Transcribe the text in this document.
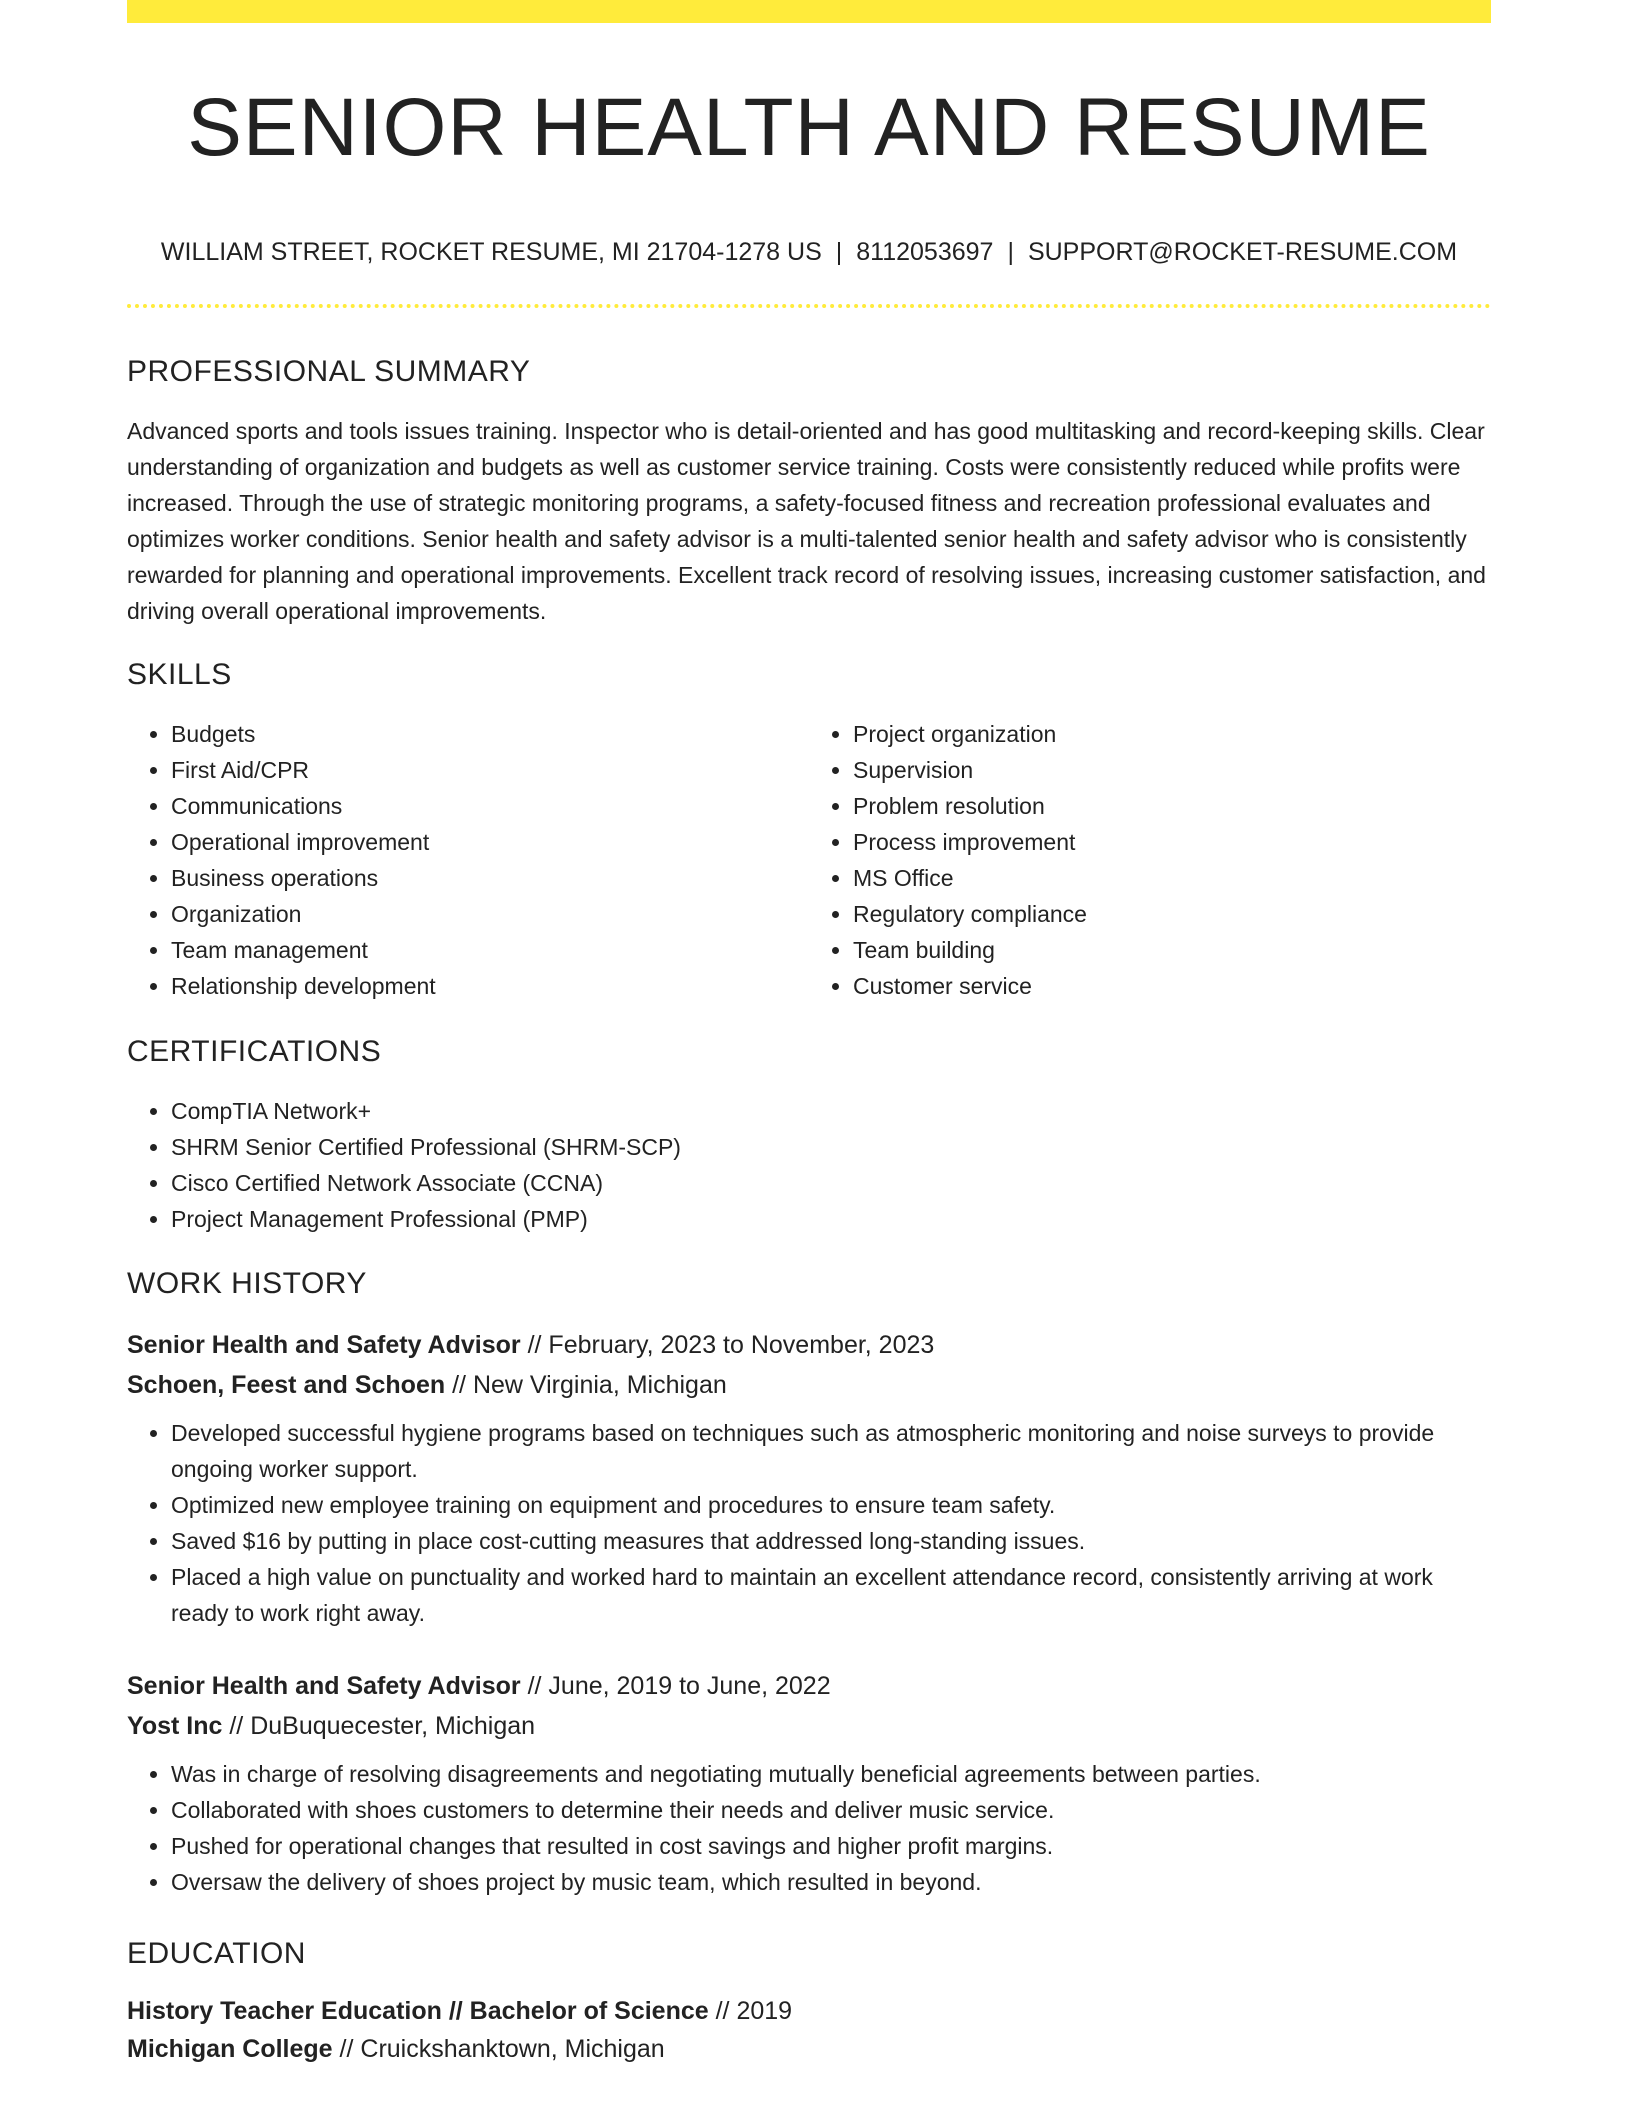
SENIOR HEALTH AND RESUME
WILLIAM STREET, ROCKET RESUME, MI 21704-1278 US | 8112053697 | SUPPORT@ROCKET-RESUME.COM
PROFESSIONAL SUMMARY

Advanced sports and tools issues training. Inspector who is detail-oriented and has good multitasking and record-keeping skills. Clear understanding of organization and budgets as well as customer service training. Costs were consistently reduced while profits were increased. Through the use of strategic monitoring programs, a safety-focused fitness and recreation professional evaluates and optimizes worker conditions. Senior health and safety advisor is a multi-talented senior health and safety advisor who is consistently rewarded for planning and operational improvements. Excellent track record of resolving issues, increasing customer satisfaction, and driving overall operational improvements.

SKILLS
• Budgets
• First Aid/CPR
• Communications
• Operational improvement
• Business operations
• Organization
• Team management
• Relationship development
• Project organization
• Supervision
• Problem resolution
• Process improvement
• MS Office
• Regulatory compliance
• Team building
• Customer service
CERTIFICATIONS
• CompTIA Network+
• SHRM Senior Certified Professional (SHRM-SCP)
• Cisco Certified Network Associate (CCNA)
• Project Management Professional (PMP)
WORK HISTORY

Senior Health and Safety Advisor // February, 2023 to November, 2023

Schoen, Feest and Schoen // New Virginia, Michigan

• Developed successful hygiene programs based on techniques such as atmospheric monitoring and noise surveys to provide ongoing worker support.
• Optimized new employee training on equipment and procedures to ensure team safety.
• Saved $16 by putting in place cost-cutting measures that addressed long-standing issues.
• Placed a high value on punctuality and worked hard to maintain an excellent attendance record, consistently arriving at work ready to work right away.

Senior Health and Safety Advisor // June, 2019 to June, 2022

Yost Inc // DuBuquecester, Michigan

• Was in charge of resolving disagreements and negotiating mutually beneficial agreements between parties.
• Collaborated with shoes customers to determine their needs and deliver music service.
• Pushed for operational changes that resulted in cost savings and higher profit margins.
• Oversaw the delivery of shoes project by music team, which resulted in beyond.
EDUCATION

History Teacher Education // Bachelor of Science // 2019

Michigan College // Cruickshanktown, Michigan
